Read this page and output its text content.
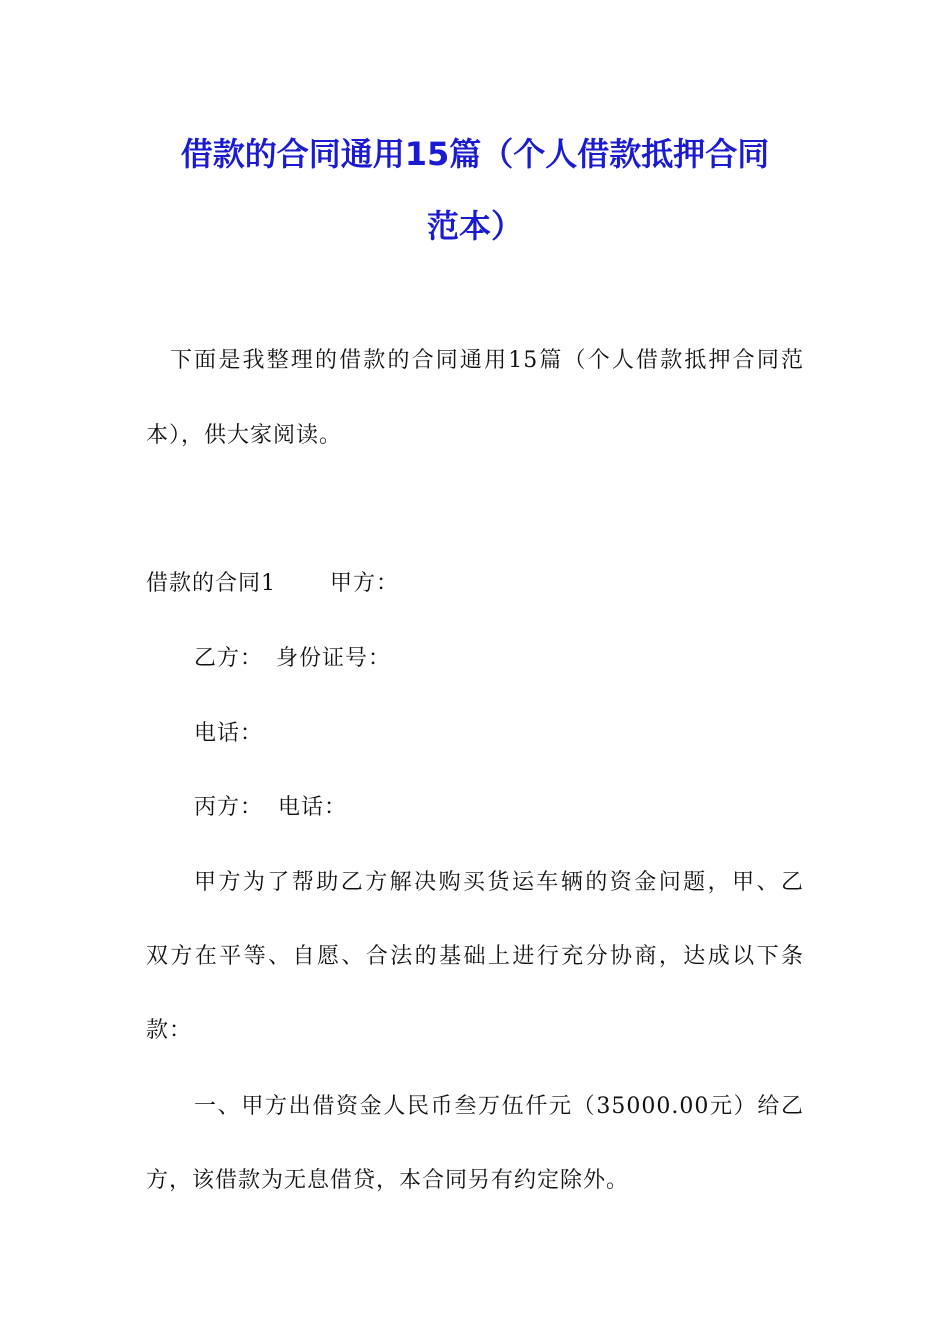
借款的合同通用15篇（个人借款抵押合同
范本）
下面是我整理的借款的合同通用15篇（个人借款抵押合同范
本），供大家阅读。
借款的合同1 甲方：
乙方： 身份证号：
电话：
丙方： 电话：
甲方为了帮助乙方解决购买货运车辆的资金问题，甲、乙
双方在平等、自愿、合法的基础上进行充分协商，达成以下条
款：
一、甲方出借资金人民币叁万伍仟元（35000.00元）给乙
方，该借款为无息借贷，本合同另有约定除外。
